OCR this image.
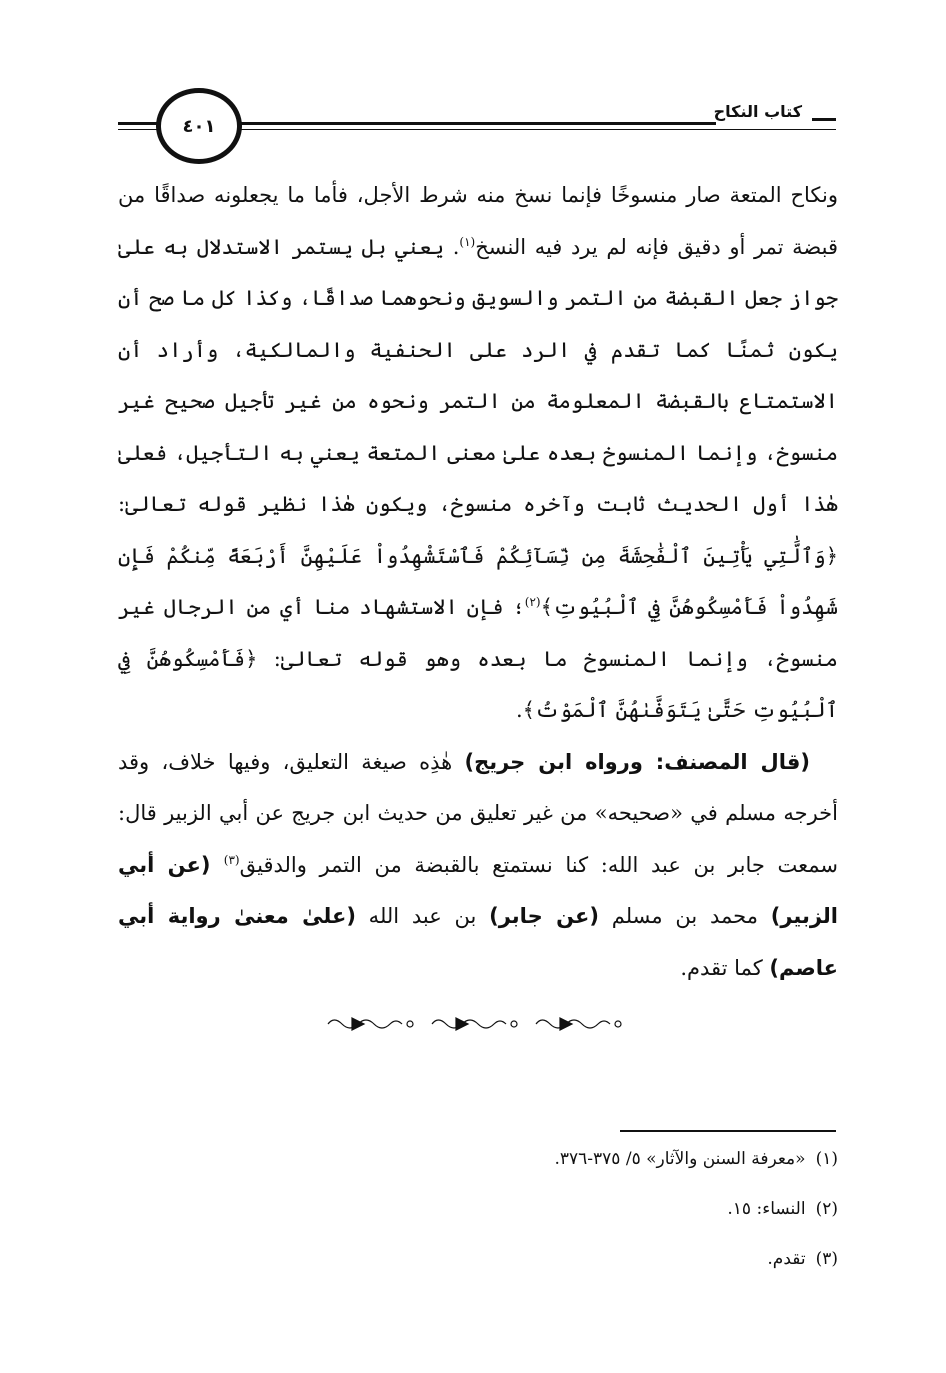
كتاب النكاح
٤٠١

ونكاح المتعة صار منسوخًا فإنما نسخ منه شرط الأجل، فأما ما يجعلونه صداقًا من قبضة تمر أو دقيق فإنه لم يرد فيه النسخ$^{(١)}$. يعني بل يستمر الاستدلال به علىٰ جواز جعل القبضة من التمر والسويق ونحوهما صداقًا، وكذا كل ما صح أن يكون ثمنًا كما تقدم في الرد على الحنفية والمالكية، وأراد أن الاستمتاع بالقبضة المعلومة من التمر ونحوه من غير تأجيل صحيح غير منسوخ، وإنما المنسوخ بعده علىٰ معنى المتعة يعني به التأجيل، فعلىٰ هٰذا أول الحديث ثابت وآخره منسوخ، ويكون هٰذا نظير قوله تعالىٰ: ﴿وَٱلَّٰتِي يَأْتِينَ ٱلْفَٰحِشَةَ مِن نِّسَآئِكُمْ فَٱسْتَشْهِدُواْ عَلَيْهِنَّ أَرْبَعَةً مِّنكُمْ فَإِن شَهِدُواْ فَأَمْسِكُوهُنَّ فِي ٱلْبُيُوتِ﴾$^{(٢)}$؛ فإن الاستشهاد منا أي من الرجال غير منسوخ، وإنما المنسوخ ما بعده وهو قوله تعالىٰ: ﴿فَأَمْسِكُوهُنَّ فِي ٱلْبُيُوتِ حَتَّىٰ يَتَوَفَّىٰهُنَّ ٱلْمَوْتُ﴾.

(قال المصنف: ورواه ابن جريج) هٰذِه صيغة التعليق، وفيها خلاف، وقد أخرجه مسلم في «صحيحه» من غير تعليق من حديث ابن جريج عن أبي الزبير قال: سمعت جابر بن عبد الله: كنا نستمتع بالقبضة من التمر والدقيق$^{(٣)}$ (عن أبي الزبير) محمد بن مسلم (عن جابر) بن عبد الله (علىٰ معنىٰ رواية أبي عاصم) كما تقدم.

(١)«معرفة السنن والآثار» ٥/ ٣٧٥-٣٧٦.
(٢)النساء: ١٥.
(٣)تقدم.
